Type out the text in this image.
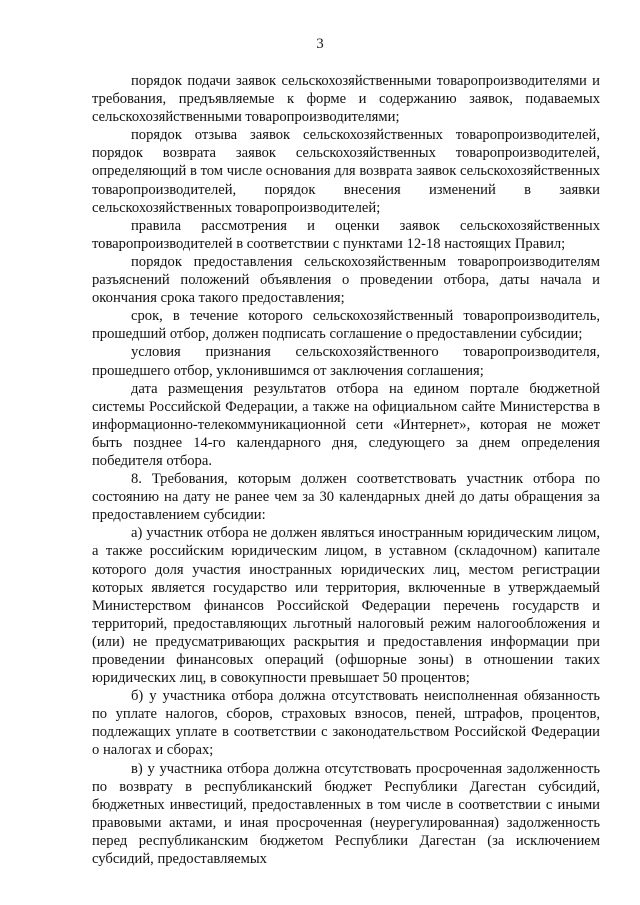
3

порядок подачи заявок сельскохозяйственными товаропроизводителями и требования, предъявляемые к форме и содержанию заявок, подаваемых сельскохозяйственными товаропроизводителями;

порядок отзыва заявок сельскохозяйственных товаропроизводителей, порядок возврата заявок сельскохозяйственных товаропроизводителей, определяющий в том числе основания для возврата заявок сельскохозяйственных товаропроизводителей, порядок внесения изменений в заявки сельскохозяйственных товаропроизводителей;

правила рассмотрения и оценки заявок сельскохозяйственных товаропроизводителей в соответствии с пунктами 12-18 настоящих Правил;

порядок предоставления сельскохозяйственным товаропроизводителям разъяснений положений объявления о проведении отбора, даты начала и окончания срока такого предоставления;

срок, в течение которого сельскохозяйственный товаропроизводитель, прошедший отбор, должен подписать соглашение о предоставлении субсидии;

условия признания сельскохозяйственного товаропроизводителя, прошедшего отбор, уклонившимся от заключения соглашения;

дата размещения результатов отбора на едином портале бюджетной системы Российской Федерации, а также на официальном сайте Министерства в информационно-телекоммуникационной сети «Интернет», которая не может быть позднее 14-го календарного дня, следующего за днем определения победителя отбора.

8. Требования, которым должен соответствовать участник отбора по состоянию на дату не ранее чем за 30 календарных дней до даты обращения за предоставлением субсидии:

а) участник отбора не должен являться иностранным юридическим лицом, а также российским юридическим лицом, в уставном (складочном) капитале которого доля участия иностранных юридических лиц, местом регистрации которых является государство или территория, включенные в утверждаемый Министерством финансов Российской Федерации перечень государств и территорий, предоставляющих льготный налоговый режим налогообложения и (или) не предусматривающих раскрытия и предоставления информации при проведении финансовых операций (офшорные зоны) в отношении таких юридических лиц, в совокупности превышает 50 процентов;

б) у участника отбора должна отсутствовать неисполненная обязанность по уплате налогов, сборов, страховых взносов, пеней, штрафов, процентов, подлежащих уплате в соответствии с законодательством Российской Федерации о налогах и сборах;

в) у участника отбора должна отсутствовать просроченная задолженность по возврату в республиканский бюджет Республики Дагестан субсидий, бюджетных инвестиций, предоставленных в том числе в соответствии с иными правовыми актами, и иная просроченная (неурегулированная) задолженность перед республиканским бюджетом Республики Дагестан (за исключением субсидий, предоставляемых
